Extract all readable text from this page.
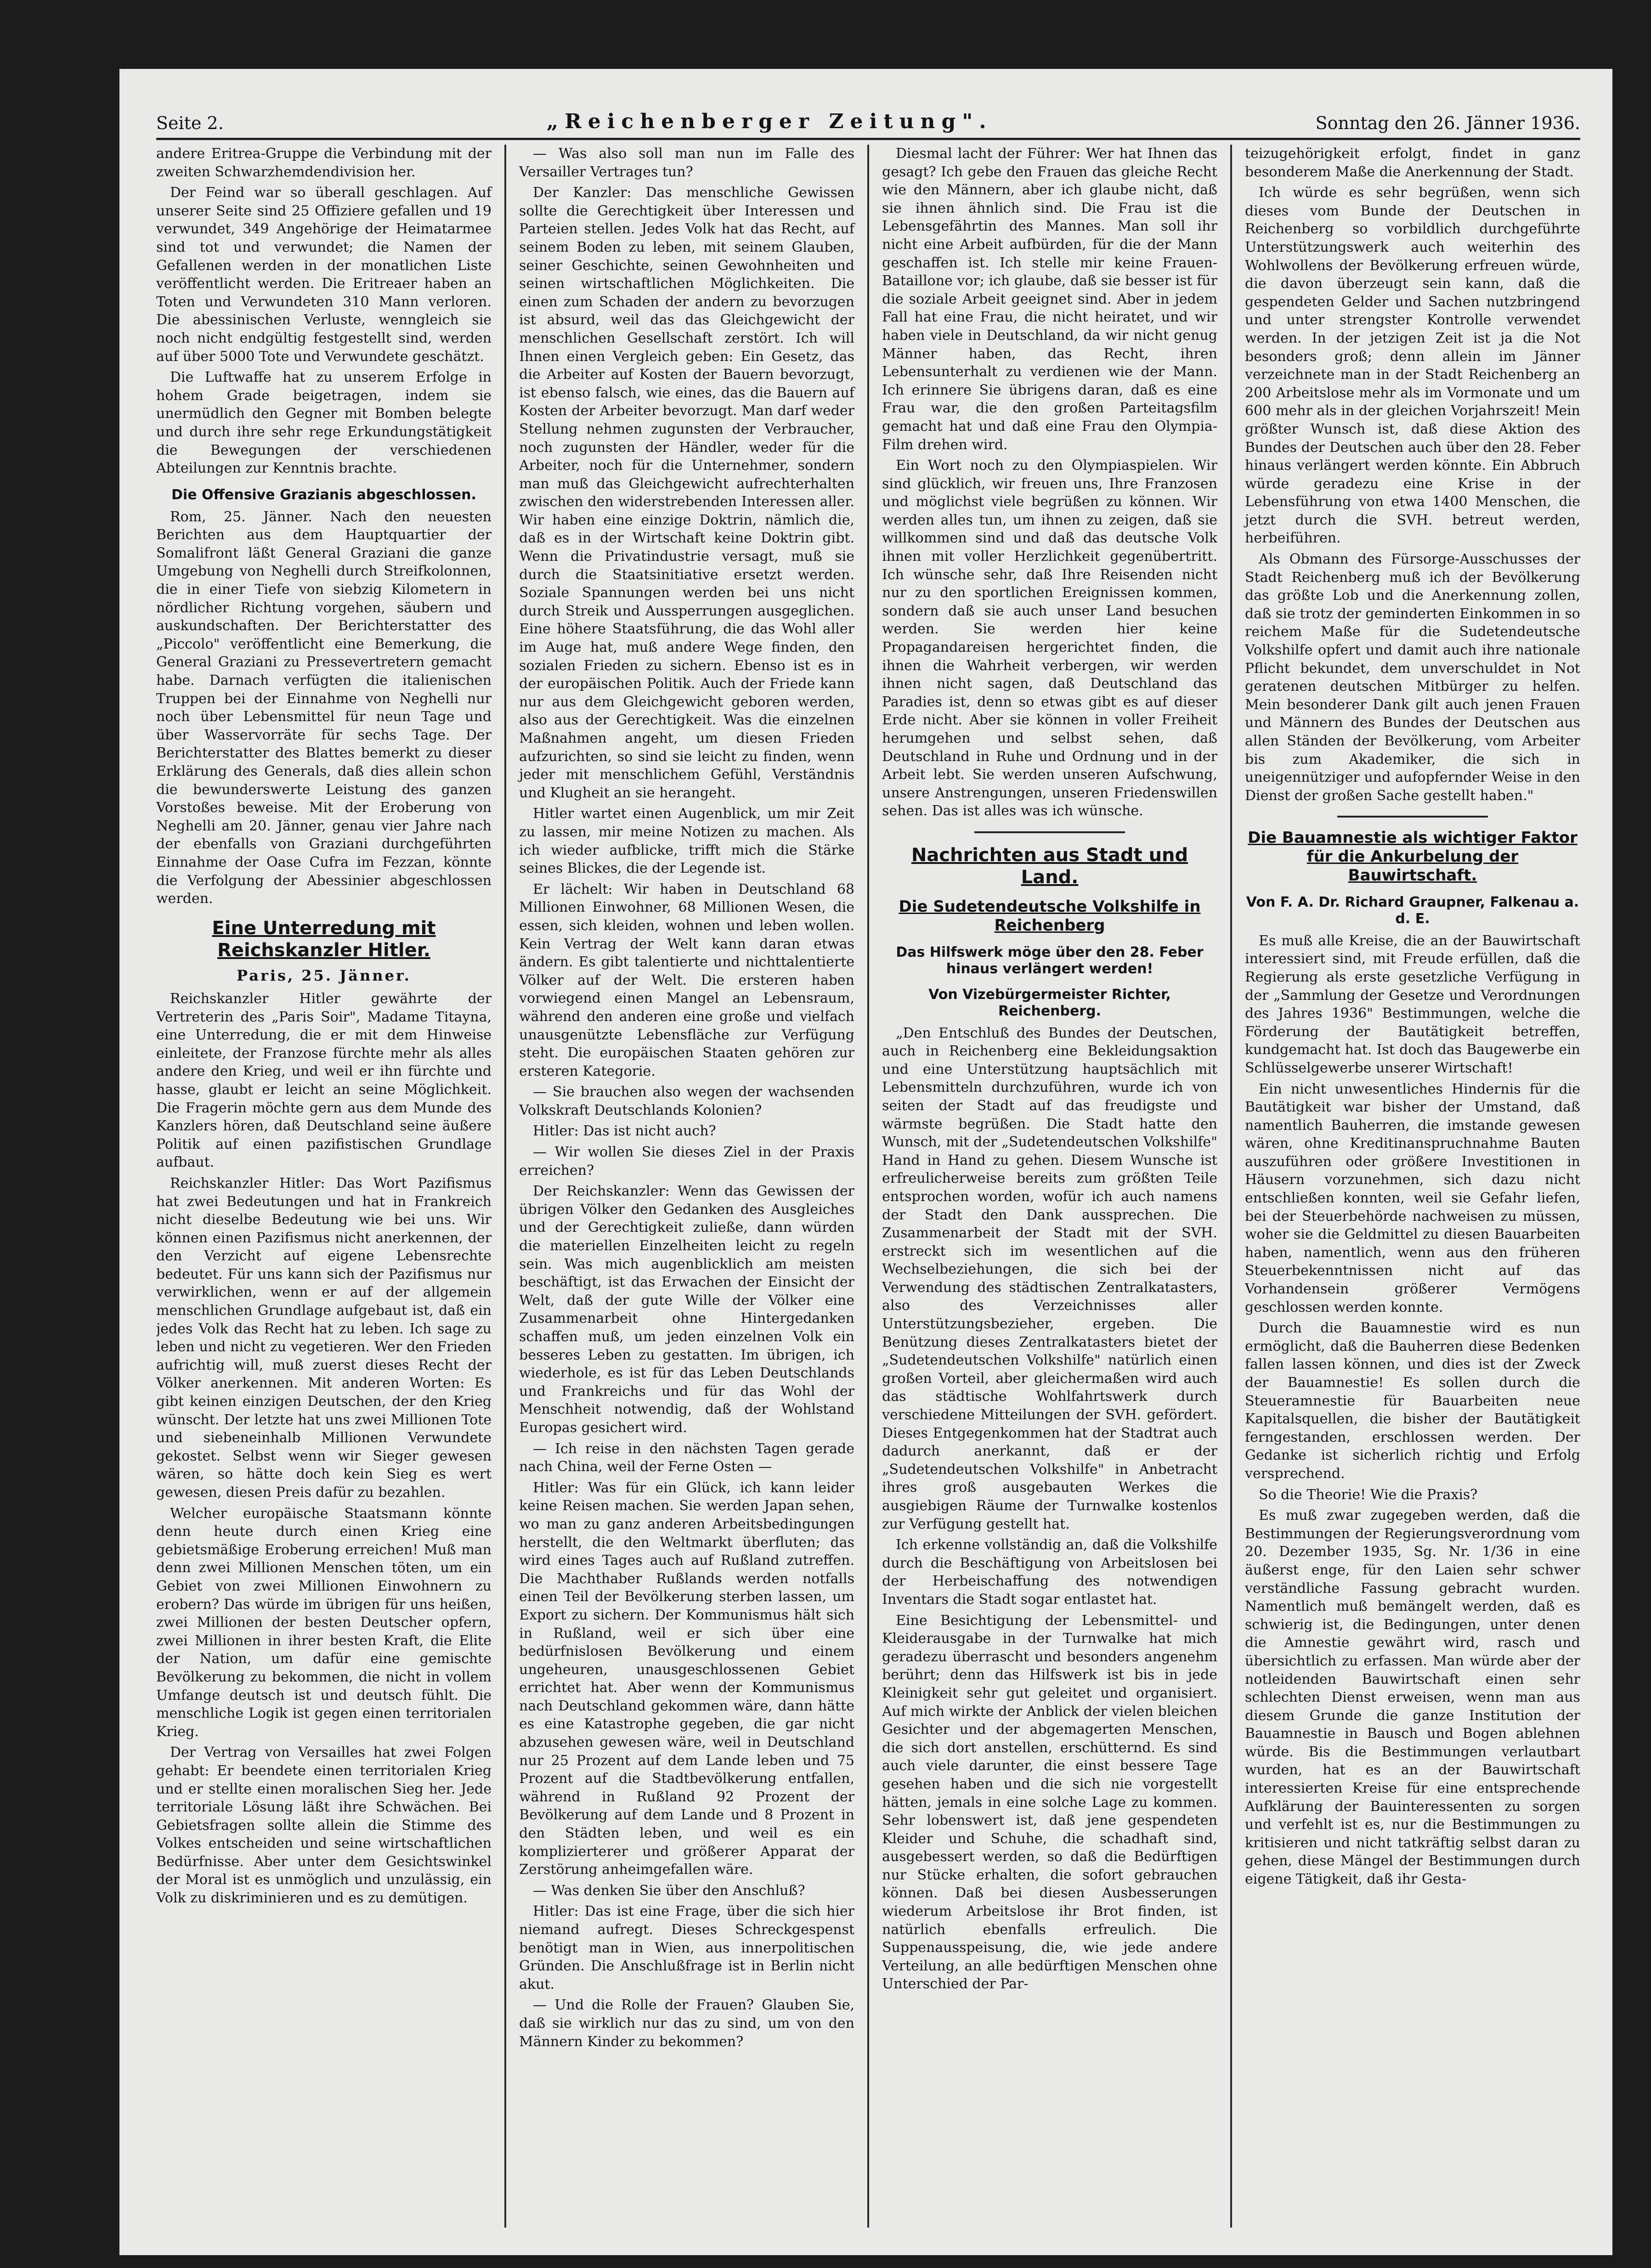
Seite 2.	„Reichenberger Zeitung".	Sonntag den 26. Jänner 1936.

andere Eritrea-Gruppe die Verbindung mit der zweiten Schwarzhemdendivision her.

Der Feind war so überall geschlagen. Auf unserer Seite sind 25 Offiziere gefallen und 19 verwundet, 349 Angehörige der Heimatarmee sind tot und verwundet; die Namen der Gefallenen werden in der monatlichen Liste veröffentlicht werden. Die Eritreaer haben an Toten und Verwundeten 310 Mann verloren. Die abessinischen Verluste, wenngleich sie noch nicht endgültig festgestellt sind, werden auf über 5000 Tote und Verwundete geschätzt.

Die Luftwaffe hat zu unserem Erfolge in hohem Grade beigetragen, indem sie unermüdlich den Gegner mit Bomben belegte und durch ihre sehr rege Erkundungstätigkeit die Bewegungen der verschiedenen Abteilungen zur Kenntnis brachte.

Die Offensive Grazianis abgeschlossen.

Rom, 25. Jänner. Nach den neuesten Berichten aus dem Hauptquartier der Somalifront läßt General Graziani die ganze Umgebung von Neghelli durch Streifkolonnen, die in einer Tiefe von siebzig Kilometern in nördlicher Richtung vorgehen, säubern und auskundschaften. Der Berichterstatter des „Piccolo" veröffentlicht eine Bemerkung, die General Graziani zu Pressevertretern gemacht habe. Darnach verfügten die italienischen Truppen bei der Einnahme von Neghelli nur noch über Lebensmittel für neun Tage und über Wasservorräte für sechs Tage. Der Berichterstatter des Blattes bemerkt zu dieser Erklärung des Generals, daß dies allein schon die bewunderswerte Leistung des ganzen Vorstoßes beweise. Mit der Eroberung von Neghelli am 20. Jänner, genau vier Jahre nach der ebenfalls von Graziani durchgeführten Einnahme der Oase Cufra im Fezzan, könnte die Verfolgung der Abessinier abgeschlossen werden.

Eine Unterredung mit Reichskanzler Hitler.
Paris, 25. Jänner.

Reichskanzler Hitler gewährte der Vertreterin des „Paris Soir", Madame Titayna, eine Unterredung, die er mit dem Hinweise einleitete, der Franzose fürchte mehr als alles andere den Krieg, und weil er ihn fürchte und hasse, glaubt er leicht an seine Möglichkeit. Die Fragerin möchte gern aus dem Munde des Kanzlers hören, daß Deutschland seine äußere Politik auf einen pazifistischen Grundlage aufbaut.

Reichskanzler Hitler: Das Wort Pazifismus hat zwei Bedeutungen und hat in Frankreich nicht dieselbe Bedeutung wie bei uns. Wir können einen Pazifismus nicht anerkennen, der den Verzicht auf eigene Lebensrechte bedeutet. Für uns kann sich der Pazifismus nur verwirklichen, wenn er auf der allgemein menschlichen Grundlage aufgebaut ist, daß ein jedes Volk das Recht hat zu leben. Ich sage zu leben und nicht zu vegetieren. Wer den Frieden aufrichtig will, muß zuerst dieses Recht der Völker anerkennen. Mit anderen Worten: Es gibt keinen einzigen Deutschen, der den Krieg wünscht. Der letzte hat uns zwei Millionen Tote und siebeneinhalb Millionen Verwundete gekostet. Selbst wenn wir Sieger gewesen wären, so hätte doch kein Sieg es wert gewesen, diesen Preis dafür zu bezahlen.

Welcher europäische Staatsmann könnte denn heute durch einen Krieg eine gebietsmäßige Eroberung erreichen! Muß man denn zwei Millionen Menschen töten, um ein Gebiet von zwei Millionen Einwohnern zu erobern? Das würde im übrigen für uns heißen, zwei Millionen der besten Deutscher opfern, zwei Millionen in ihrer besten Kraft, die Elite der Nation, um dafür eine gemischte Bevölkerung zu bekommen, die nicht in vollem Umfange deutsch ist und deutsch fühlt. Die menschliche Logik ist gegen einen territorialen Krieg.

Der Vertrag von Versailles hat zwei Folgen gehabt: Er beendete einen territorialen Krieg und er stellte einen moralischen Sieg her. Jede territoriale Lösung läßt ihre Schwächen. Bei Gebietsfragen sollte allein die Stimme des Volkes entscheiden und seine wirtschaftlichen Bedürfnisse. Aber unter dem Gesichtswinkel der Moral ist es unmöglich und unzulässig, ein Volk zu diskriminieren und es zu demütigen.

— Was also soll man nun im Falle des Versailler Vertrages tun?

Der Kanzler: Das menschliche Gewissen sollte die Gerechtigkeit über Interessen und Parteien stellen. Jedes Volk hat das Recht, auf seinem Boden zu leben, mit seinem Glauben, seiner Geschichte, seinen Gewohnheiten und seinen wirtschaftlichen Möglichkeiten. Die einen zum Schaden der andern zu bevorzugen ist absurd, weil das das Gleichgewicht der menschlichen Gesellschaft zerstört. Ich will Ihnen einen Vergleich geben: Ein Gesetz, das die Arbeiter auf Kosten der Bauern bevorzugt, ist ebenso falsch, wie eines, das die Bauern auf Kosten der Arbeiter bevorzugt. Man darf weder Stellung nehmen zugunsten der Verbraucher, noch zugunsten der Händler, weder für die Arbeiter, noch für die Unternehmer, sondern man muß das Gleichgewicht aufrechterhalten zwischen den widerstrebenden Interessen aller. Wir haben eine einzige Doktrin, nämlich die, daß es in der Wirtschaft keine Doktrin gibt. Wenn die Privatindustrie versagt, muß sie durch die Staatsinitiative ersetzt werden. Soziale Spannungen werden bei uns nicht durch Streik und Aussperrungen ausgeglichen. Eine höhere Staatsführung, die das Wohl aller im Auge hat, muß andere Wege finden, den sozialen Frieden zu sichern. Ebenso ist es in der europäischen Politik. Auch der Friede kann nur aus dem Gleichgewicht geboren werden, also aus der Gerechtigkeit. Was die einzelnen Maßnahmen angeht, um diesen Frieden aufzurichten, so sind sie leicht zu finden, wenn jeder mit menschlichem Gefühl, Verständnis und Klugheit an sie herangeht.

Hitler wartet einen Augenblick, um mir Zeit zu lassen, mir meine Notizen zu machen. Als ich wieder aufblicke, trifft mich die Stärke seines Blickes, die der Legende ist.

Er lächelt: Wir haben in Deutschland 68 Millionen Einwohner, 68 Millionen Wesen, die essen, sich kleiden, wohnen und leben wollen. Kein Vertrag der Welt kann daran etwas ändern. Es gibt talentierte und nichttalentierte Völker auf der Welt. Die ersteren haben vorwiegend einen Mangel an Lebensraum, während den anderen eine große und vielfach unausgenützte Lebensfläche zur Verfügung steht. Die europäischen Staaten gehören zur ersteren Kategorie.

— Sie brauchen also wegen der wachsenden Volkskraft Deutschlands Kolonien?

Hitler: Das ist nicht auch?

— Wir wollen Sie dieses Ziel in der Praxis erreichen?

Der Reichskanzler: Wenn das Gewissen der übrigen Völker den Gedanken des Ausgleiches und der Gerechtigkeit zuließe, dann würden die materiellen Einzelheiten leicht zu regeln sein. Was mich augenblicklich am meisten beschäftigt, ist das Erwachen der Einsicht der Welt, daß der gute Wille der Völker eine Zusammenarbeit ohne Hintergedanken schaffen muß, um jeden einzelnen Volk ein besseres Leben zu gestatten. Im übrigen, ich wiederhole, es ist für das Leben Deutschlands und Frankreichs und für das Wohl der Menschheit notwendig, daß der Wohlstand Europas gesichert wird.

— Ich reise in den nächsten Tagen gerade nach China, weil der Ferne Osten —

Hitler: Was für ein Glück, ich kann leider keine Reisen machen. Sie werden Japan sehen, wo man zu ganz anderen Arbeitsbedingungen herstellt, die den Weltmarkt überfluten; das wird eines Tages auch auf Rußland zutreffen. Die Machthaber Rußlands werden notfalls einen Teil der Bevölkerung sterben lassen, um Export zu sichern. Der Kommunismus hält sich in Rußland, weil er sich über eine bedürfnislosen Bevölkerung und einem ungeheuren, unausgeschlossenen Gebiet errichtet hat. Aber wenn der Kommunismus nach Deutschland gekommen wäre, dann hätte es eine Katastrophe gegeben, die gar nicht abzusehen gewesen wäre, weil in Deutschland nur 25 Prozent auf dem Lande leben und 75 Prozent auf die Stadtbevölkerung entfallen, während in Rußland 92 Prozent der Bevölkerung auf dem Lande und 8 Prozent in den Städten leben, und weil es ein komplizierterer und größerer Apparat der Zerstörung anheimgefallen wäre.

— Was denken Sie über den Anschluß?

Hitler: Das ist eine Frage, über die sich hier niemand aufregt. Dieses Schreckgespenst benötigt man in Wien, aus innerpolitischen Gründen. Die Anschlußfrage ist in Berlin nicht akut.

— Und die Rolle der Frauen? Glauben Sie, daß sie wirklich nur das zu sind, um von den Männern Kinder zu bekommen?

Diesmal lacht der Führer: Wer hat Ihnen das gesagt? Ich gebe den Frauen das gleiche Recht wie den Männern, aber ich glaube nicht, daß sie ihnen ähnlich sind. Die Frau ist die Lebensgefährtin des Mannes. Man soll ihr nicht eine Arbeit aufbürden, für die der Mann geschaffen ist. Ich stelle mir keine Frauen-Bataillone vor; ich glaube, daß sie besser ist für die soziale Arbeit geeignet sind. Aber in jedem Fall hat eine Frau, die nicht heiratet, und wir haben viele in Deutschland, da wir nicht genug Männer haben, das Recht, ihren Lebensunterhalt zu verdienen wie der Mann. Ich erinnere Sie übrigens daran, daß es eine Frau war, die den großen Parteitagsfilm gemacht hat und daß eine Frau den Olympia-Film drehen wird.

Ein Wort noch zu den Olympiaspielen. Wir sind glücklich, wir freuen uns, Ihre Franzosen und möglichst viele begrüßen zu können. Wir werden alles tun, um ihnen zu zeigen, daß sie willkommen sind und daß das deutsche Volk ihnen mit voller Herzlichkeit gegenübertritt. Ich wünsche sehr, daß Ihre Reisenden nicht nur zu den sportlichen Ereignissen kommen, sondern daß sie auch unser Land besuchen werden. Sie werden hier keine Propagandareisen hergerichtet finden, die ihnen die Wahrheit verbergen, wir werden ihnen nicht sagen, daß Deutschland das Paradies ist, denn so etwas gibt es auf dieser Erde nicht. Aber sie können in voller Freiheit herumgehen und selbst sehen, daß Deutschland in Ruhe und Ordnung und in der Arbeit lebt. Sie werden unseren Aufschwung, unsere Anstrengungen, unseren Friedenswillen sehen. Das ist alles was ich wünsche.

Nachrichten aus Stadt und Land.
Die Sudetendeutsche Volkshilfe in Reichenberg
Das Hilfswerk möge über den 28. Feber hinaus verlängert werden!
Von Vizebürgermeister Richter, Reichenberg.

„Den Entschluß des Bundes der Deutschen, auch in Reichenberg eine Bekleidungsaktion und eine Unterstützung hauptsächlich mit Lebensmitteln durchzuführen, wurde ich von seiten der Stadt auf das freudigste und wärmste begrüßen. Die Stadt hatte den Wunsch, mit der „Sudetendeutschen Volkshilfe" Hand in Hand zu gehen. Diesem Wunsche ist erfreulicherweise bereits zum größten Teile entsprochen worden, wofür ich auch namens der Stadt den Dank aussprechen. Die Zusammenarbeit der Stadt mit der SVH. erstreckt sich im wesentlichen auf die Wechselbeziehungen, die sich bei der Verwendung des städtischen Zentralkatasters, also des Verzeichnisses aller Unterstützungsbezieher, ergeben. Die Benützung dieses Zentralkatasters bietet der „Sudetendeutschen Volkshilfe" natürlich einen großen Vorteil, aber gleichermaßen wird auch das städtische Wohlfahrtswerk durch verschiedene Mitteilungen der SVH. gefördert. Dieses Entgegenkommen hat der Stadtrat auch dadurch anerkannt, daß er der „Sudetendeutschen Volkshilfe" in Anbetracht ihres groß ausgebauten Werkes die ausgiebigen Räume der Turnwalke kostenlos zur Verfügung gestellt hat.

Ich erkenne vollständig an, daß die Volkshilfe durch die Beschäftigung von Arbeitslosen bei der Herbeischaffung des notwendigen Inventars die Stadt sogar entlastet hat.

Eine Besichtigung der Lebensmittel- und Kleiderausgabe in der Turnwalke hat mich geradezu überrascht und besonders angenehm berührt; denn das Hilfswerk ist bis in jede Kleinigkeit sehr gut geleitet und organisiert. Auf mich wirkte der Anblick der vielen bleichen Gesichter und der abgemagerten Menschen, die sich dort anstellen, erschütternd. Es sind auch viele darunter, die einst bessere Tage gesehen haben und die sich nie vorgestellt hätten, jemals in eine solche Lage zu kommen. Sehr lobenswert ist, daß jene gespendeten Kleider und Schuhe, die schadhaft sind, ausgebessert werden, so daß die Bedürftigen nur Stücke erhalten, die sofort gebrauchen können. Daß bei diesen Ausbesserungen wiederum Arbeitslose ihr Brot finden, ist natürlich ebenfalls erfreulich. Die Suppenausspeisung, die, wie jede andere Verteilung, an alle bedürftigen Menschen ohne Unterschied der Par-

teizugehörigkeit erfolgt, findet in ganz besonderem Maße die Anerkennung der Stadt.

Ich würde es sehr begrüßen, wenn sich dieses vom Bunde der Deutschen in Reichenberg so vorbildlich durchgeführte Unterstützungswerk auch weiterhin des Wohlwollens der Bevölkerung erfreuen würde, die davon überzeugt sein kann, daß die gespendeten Gelder und Sachen nutzbringend und unter strengster Kontrolle verwendet werden. In der jetzigen Zeit ist ja die Not besonders groß; denn allein im Jänner verzeichnete man in der Stadt Reichenberg an 200 Arbeitslose mehr als im Vormonate und um 600 mehr als in der gleichen Vorjahrszeit! Mein größter Wunsch ist, daß diese Aktion des Bundes der Deutschen auch über den 28. Feber hinaus verlängert werden könnte. Ein Abbruch würde geradezu eine Krise in der Lebensführung von etwa 1400 Menschen, die jetzt durch die SVH. betreut werden, herbeiführen.

Als Obmann des Fürsorge-Ausschusses der Stadt Reichenberg muß ich der Bevölkerung das größte Lob und die Anerkennung zollen, daß sie trotz der geminderten Einkommen in so reichem Maße für die Sudetendeutsche Volkshilfe opfert und damit auch ihre nationale Pflicht bekundet, dem unverschuldet in Not geratenen deutschen Mitbürger zu helfen. Mein besonderer Dank gilt auch jenen Frauen und Männern des Bundes der Deutschen aus allen Ständen der Bevölkerung, vom Arbeiter bis zum Akademiker, die sich in uneigennütziger und aufopfernder Weise in den Dienst der großen Sache gestellt haben."

Die Bauamnestie als wichtiger Faktor für die Ankurbelung der Bauwirtschaft.
Von F. A. Dr. Richard Graupner, Falkenau a. d. E.

Es muß alle Kreise, die an der Bauwirtschaft interessiert sind, mit Freude erfüllen, daß die Regierung als erste gesetzliche Verfügung in der „Sammlung der Gesetze und Verordnungen des Jahres 1936" Bestimmungen, welche die Förderung der Bautätigkeit betreffen, kundgemacht hat. Ist doch das Baugewerbe ein Schlüsselgewerbe unserer Wirtschaft!

Ein nicht unwesentliches Hindernis für die Bautätigkeit war bisher der Umstand, daß namentlich Bauherren, die imstande gewesen wären, ohne Kreditinanspruchnahme Bauten auszuführen oder größere Investitionen in Häusern vorzunehmen, sich dazu nicht entschließen konnten, weil sie Gefahr liefen, bei der Steuerbehörde nachweisen zu müssen, woher sie die Geldmittel zu diesen Bauarbeiten haben, namentlich, wenn aus den früheren Steuerbekenntnissen nicht auf das Vorhandensein größerer Vermögens geschlossen werden konnte.

Durch die Bauamnestie wird es nun ermöglicht, daß die Bauherren diese Bedenken fallen lassen können, und dies ist der Zweck der Bauamnestie! Es sollen durch die Steueramnestie für Bauarbeiten neue Kapitalsquellen, die bisher der Bautätigkeit ferngestanden, erschlossen werden. Der Gedanke ist sicherlich richtig und Erfolg versprechend.

So die Theorie! Wie die Praxis?

Es muß zwar zugegeben werden, daß die Bestimmungen der Regierungsverordnung vom 20. Dezember 1935, Sg. Nr. 1/36 in eine äußerst enge, für den Laien sehr schwer verständliche Fassung gebracht wurden. Namentlich muß bemängelt werden, daß es schwierig ist, die Bedingungen, unter denen die Amnestie gewährt wird, rasch und übersichtlich zu erfassen. Man würde aber der notleidenden Bauwirtschaft einen sehr schlechten Dienst erweisen, wenn man aus diesem Grunde die ganze Institution der Bauamnestie in Bausch und Bogen ablehnen würde. Bis die Bestimmungen verlautbart wurden, hat es an der Bauwirtschaft interessierten Kreise für eine entsprechende Aufklärung der Bauinteressenten zu sorgen und verfehlt ist es, nur die Bestimmungen zu kritisieren und nicht tatkräftig selbst daran zu gehen, diese Mängel der Bestimmungen durch eigene Tätigkeit, daß ihr Gesta-
